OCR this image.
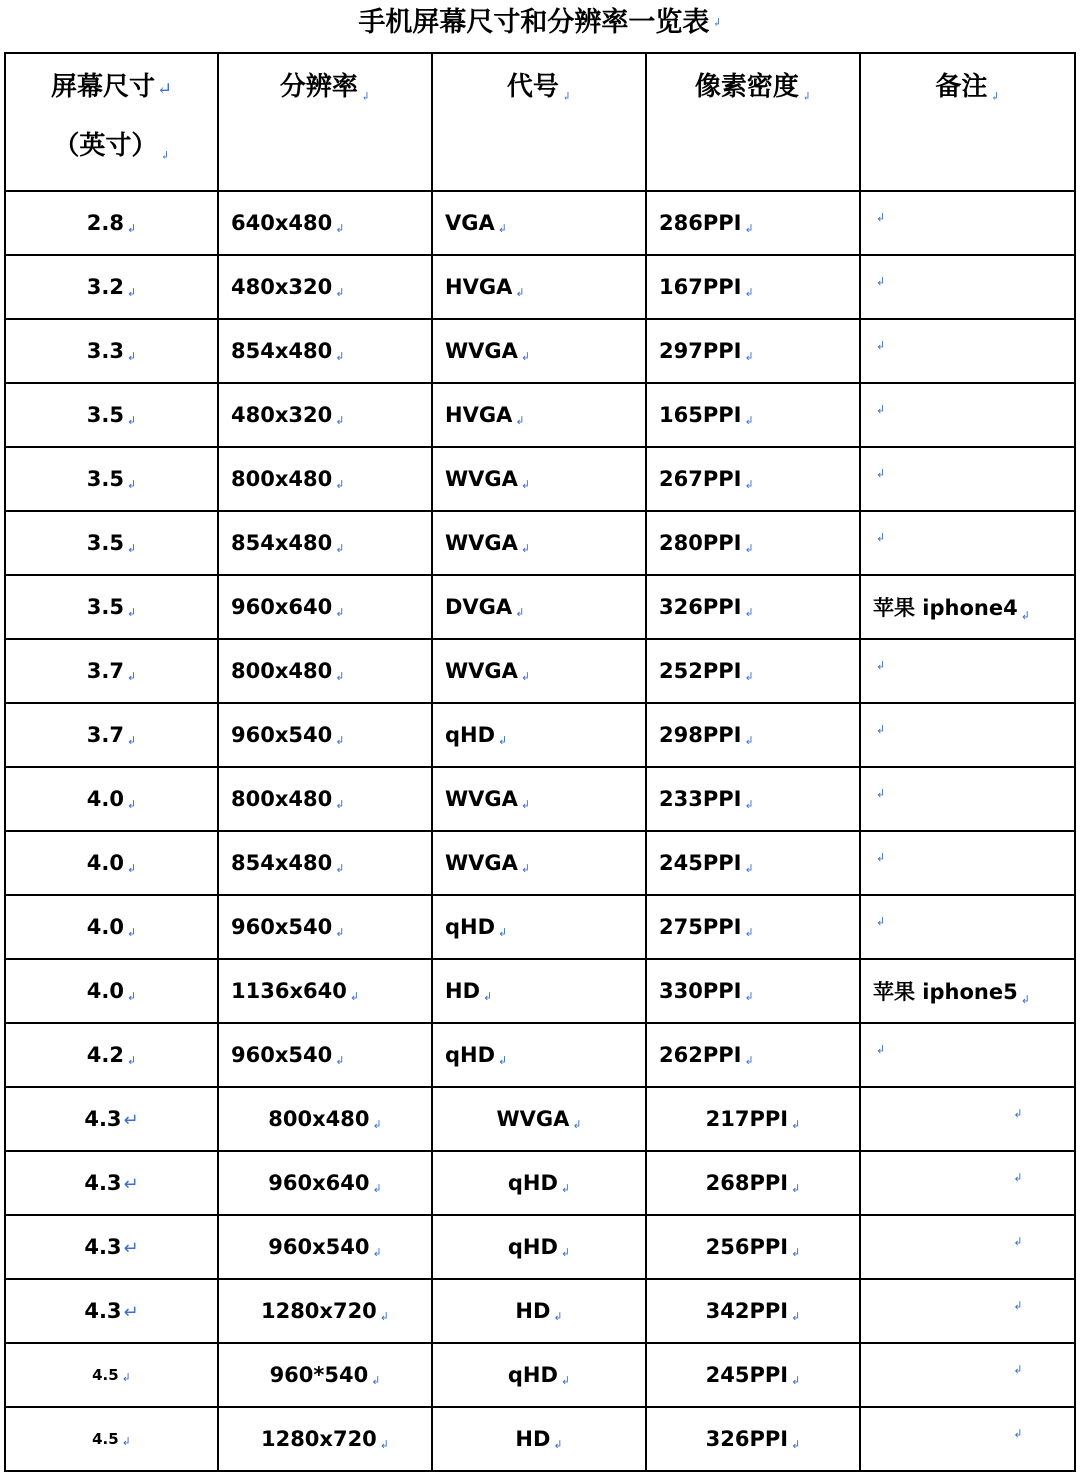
手机屏幕尺寸和分辨率一览表 ↲
屏幕尺寸 ↵
（英寸） ↲	分辨率 ↲	代号 ↲	像素密度 ↲	备注 ↲
2.8 ↲	640x480 ↲	VGA ↲	286PPI ↲	↲
3.2 ↲	480x320 ↲	HVGA ↲	167PPI ↲	↲
3.3 ↲	854x480 ↲	WVGA ↲	297PPI ↲	↲
3.5 ↲	480x320 ↲	HVGA ↲	165PPI ↲	↲
3.5 ↲	800x480 ↲	WVGA ↲	267PPI ↲	↲
3.5 ↲	854x480 ↲	WVGA ↲	280PPI ↲	↲
3.5 ↲	960x640 ↲	DVGA ↲	326PPI ↲	苹果 iphone4 ↲
3.7 ↲	800x480 ↲	WVGA ↲	252PPI ↲	↲
3.7 ↲	960x540 ↲	qHD ↲	298PPI ↲	↲
4.0 ↲	800x480 ↲	WVGA ↲	233PPI ↲	↲
4.0 ↲	854x480 ↲	WVGA ↲	245PPI ↲	↲
4.0 ↲	960x540 ↲	qHD ↲	275PPI ↲	↲
4.0 ↲	1136x640 ↲	HD ↲	330PPI ↲	苹果 iphone5 ↲
4.2 ↲	960x540 ↲	qHD ↲	262PPI ↲	↲
4.3 ↵	800x480 ↲	WVGA ↲	217PPI ↲	↲
4.3 ↵	960x640 ↲	qHD ↲	268PPI ↲	↲
4.3 ↵	960x540 ↲	qHD ↲	256PPI ↲	↲
4.3 ↵	1280x720 ↲	HD ↲	342PPI ↲	↲
4.5 ↲	960*540 ↲	qHD ↲	245PPI ↲	↲
4.5 ↲	1280x720 ↲	HD ↲	326PPI ↲	↲
